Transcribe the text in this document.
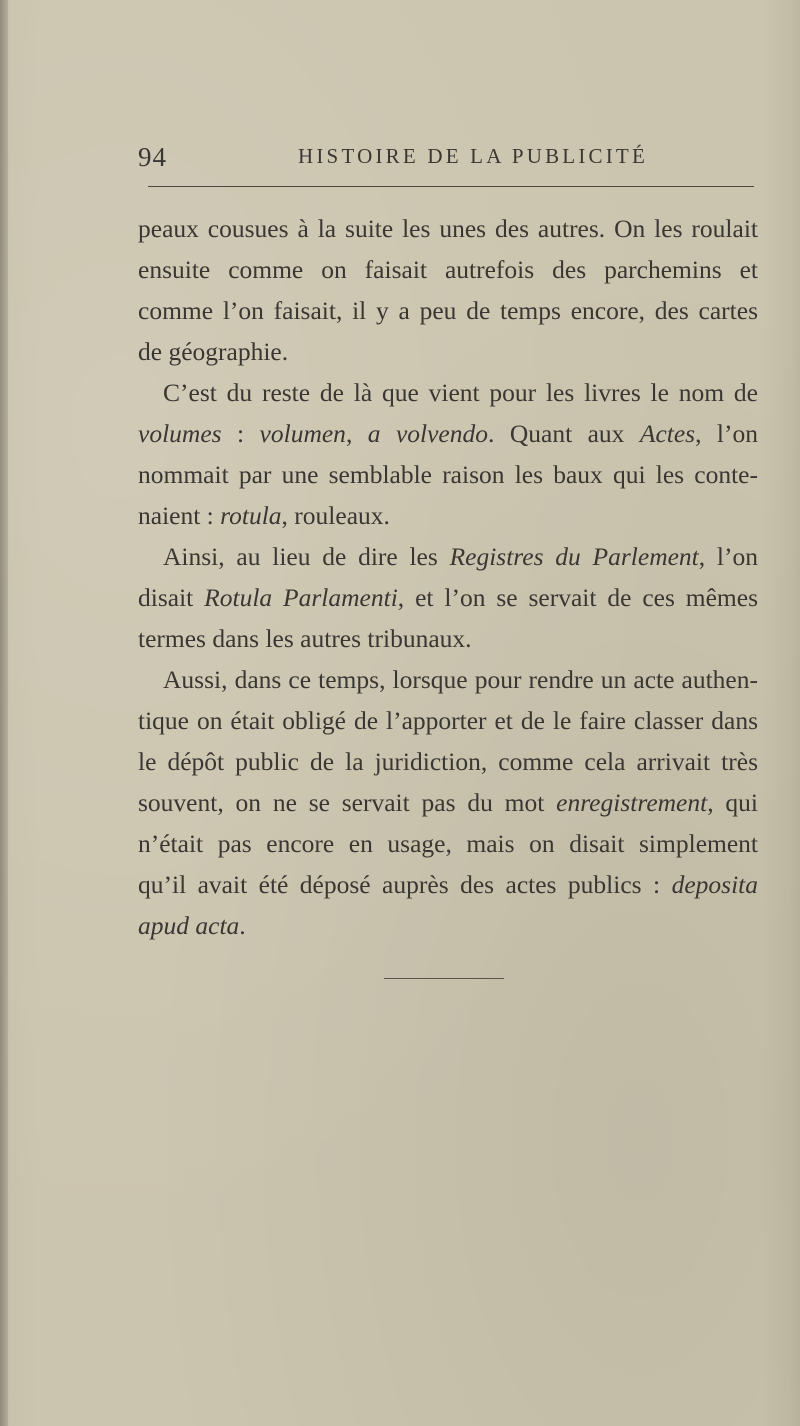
94	HISTOIRE DE LA PUBLICITÉ
peaux cousues à la suite les unes des autres. On les roulait
ensuite comme on faisait autrefois des parchemins et
comme l’on faisait, il y a peu de temps encore, des cartes
de géographie.
C’est du reste de là que vient pour les livres le nom de
volumes : volumen, a volvendo. Quant aux Actes, l’on
nommait par une semblable raison les baux qui les conte-
naient : rotula, rouleaux.
Ainsi, au lieu de dire les Registres du Parlement, l’on
disait Rotula Parlamenti, et l’on se servait de ces mêmes
termes dans les autres tribunaux.
Aussi, dans ce temps, lorsque pour rendre un acte authen-
tique on était obligé de l’apporter et de le faire classer dans
le dépôt public de la juridiction, comme cela arrivait très
souvent, on ne se servait pas du mot enregistrement, qui
n’était pas encore en usage, mais on disait simplement
qu’il avait été déposé auprès des actes publics : deposita
apud acta.
